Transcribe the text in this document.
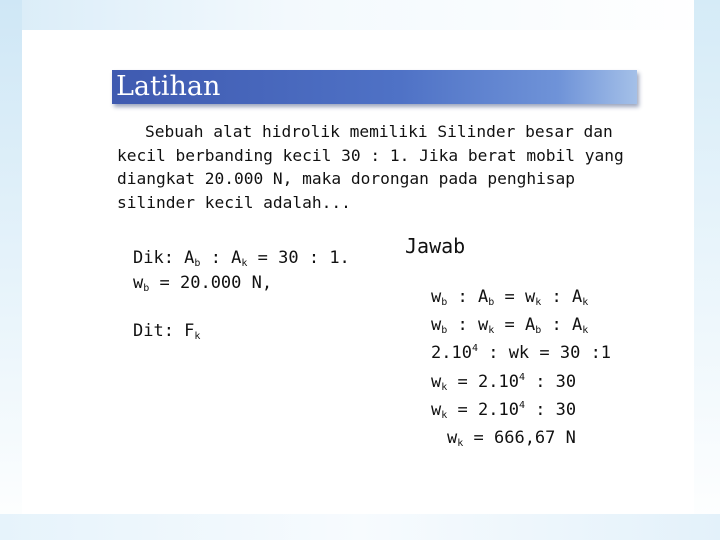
Latihan

Sebuah alat hidrolik memiliki Silinder besar dan
kecil berbanding kecil 30 : 1. Jika berat mobil yang
diangkat 20.000 N, maka dorongan pada penghisap
silinder kecil adalah...

Dik: $A_b$ : $A_k = 30$ : 1.
$w_b = 20.000$ N,
Dit: $F_k$
Jawab
$w_b$ : $A_b = w_k$ : $A_k$
$w_b$ : $w_k = A_b$ : $A_k$
2.10$^4$ : wk = 30 :1
$w_k = 2.10^4$ : 30
$w_k = 2.10^4$ : 30
$w_k = 666,67$ N
